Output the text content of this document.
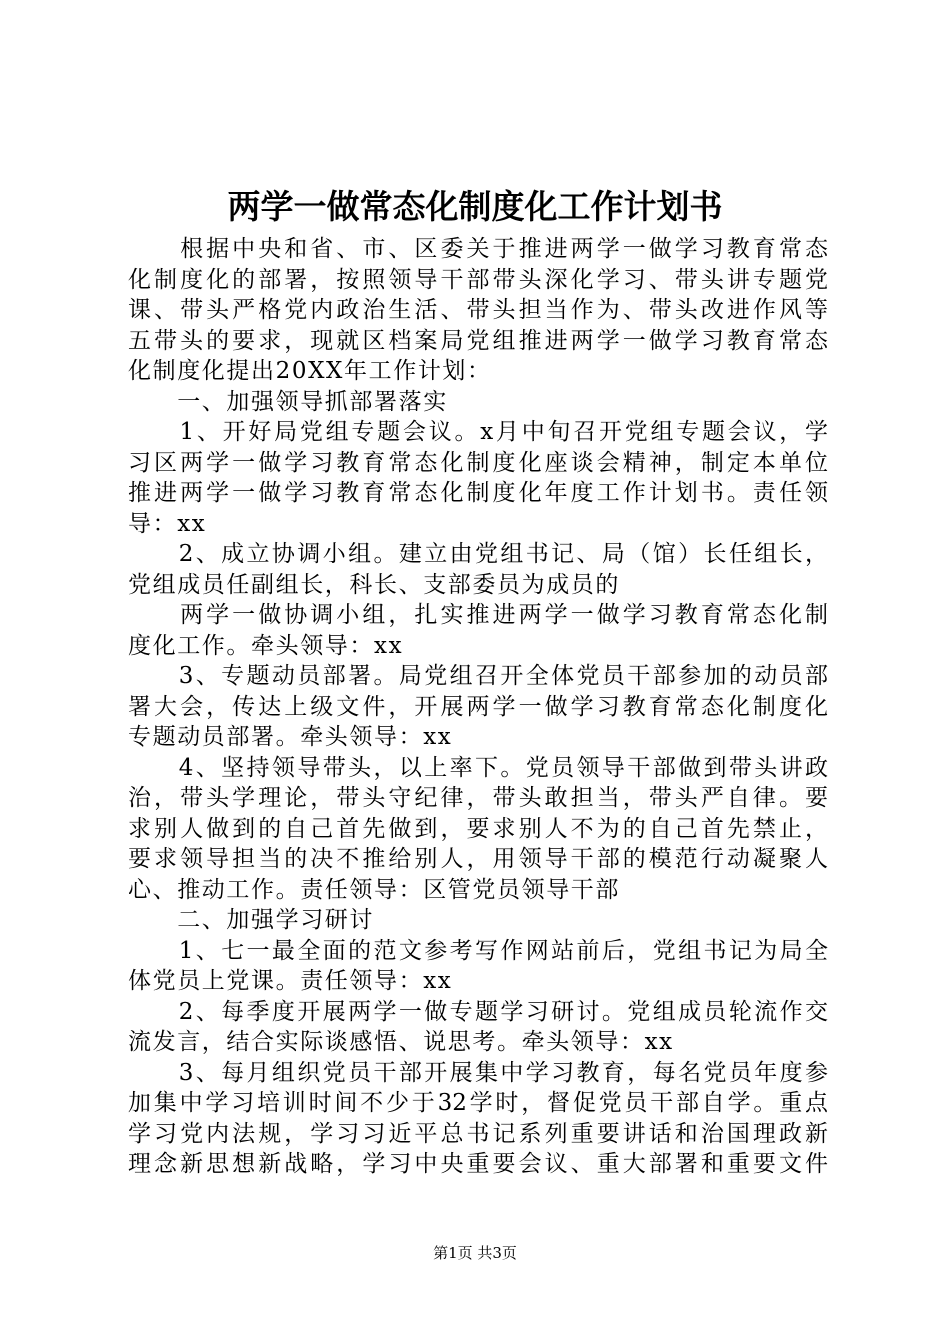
两学一做常态化制度化工作计划书
　　根据中央和省、市、区委关于推进两学一做学习教育常态
化制度化的部署，按照领导干部带头深化学习、带头讲专题党
课、带头严格党内政治生活、带头担当作为、带头改进作风等
五带头的要求，现就区档案局党组推进两学一做学习教育常态
化制度化提出20XX年工作计划：
　　一、加强领导抓部署落实
　　1、开好局党组专题会议。x月中旬召开党组专题会议，学
习区两学一做学习教育常态化制度化座谈会精神，制定本单位
推进两学一做学习教育常态化制度化年度工作计划书。责任领
导：xx
　　2、成立协调小组。建立由党组书记、局（馆）长任组长，
党组成员任副组长，科长、支部委员为成员的
　　两学一做协调小组，扎实推进两学一做学习教育常态化制
度化工作。牵头领导：xx
　　3、专题动员部署。局党组召开全体党员干部参加的动员部
署大会，传达上级文件，开展两学一做学习教育常态化制度化
专题动员部署。牵头领导：xx
　　4、坚持领导带头，以上率下。党员领导干部做到带头讲政
治，带头学理论，带头守纪律，带头敢担当，带头严自律。要
求别人做到的自己首先做到，要求别人不为的自己首先禁止，
要求领导担当的决不推给别人，用领导干部的模范行动凝聚人
心、推动工作。责任领导：区管党员领导干部
　　二、加强学习研讨
　　1、七一最全面的范文参考写作网站前后，党组书记为局全
体党员上党课。责任领导：xx
　　2、每季度开展两学一做专题学习研讨。党组成员轮流作交
流发言，结合实际谈感悟、说思考。牵头领导：xx
　　3、每月组织党员干部开展集中学习教育，每名党员年度参
加集中学习培训时间不少于32学时，督促党员干部自学。重点
学习党内法规，学习习近平总书记系列重要讲话和治国理政新
理念新思想新战略，学习中央重要会议、重大部署和重要文件
第1页 共3页
